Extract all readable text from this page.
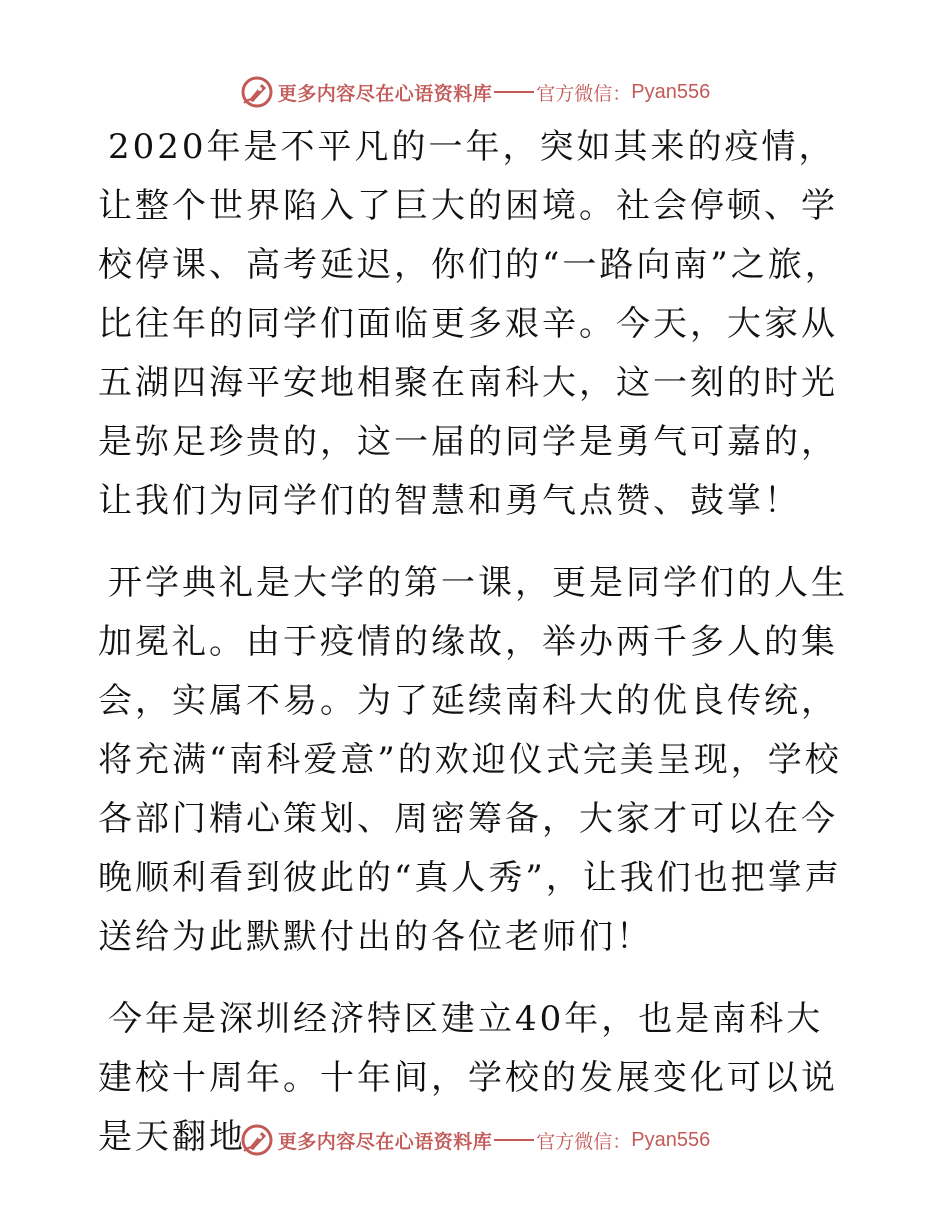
更多内容尽在心语资料库 官方微信： Pyan556

2020年是不平凡的一年，突如其来的疫情，让整个世界陷入了巨大的困境。社会停顿、学校停课、高考延迟，你们的“一路向南”之旅，比往年的同学们面临更多艰辛。今天，大家从五湖四海平安地相聚在南科大，这一刻的时光是弥足珍贵的，这一届的同学是勇气可嘉的，让我们为同学们的智慧和勇气点赞、鼓掌！

开学典礼是大学的第一课，更是同学们的人生加冕礼。由于疫情的缘故，举办两千多人的集会，实属不易。为了延续南科大的优良传统，将充满“南科爱意”的欢迎仪式完美呈现，学校各部门精心策划、周密筹备，大家才可以在今晚顺利看到彼此的“真人秀”，让我们也把掌声送给为此默默付出的各位老师们！

今年是深圳经济特区建立40年，也是南科大建校十周年。十年间，学校的发展变化可以说是天翻地	更多内容尽在心语资料库 官方微信： Pyan556
